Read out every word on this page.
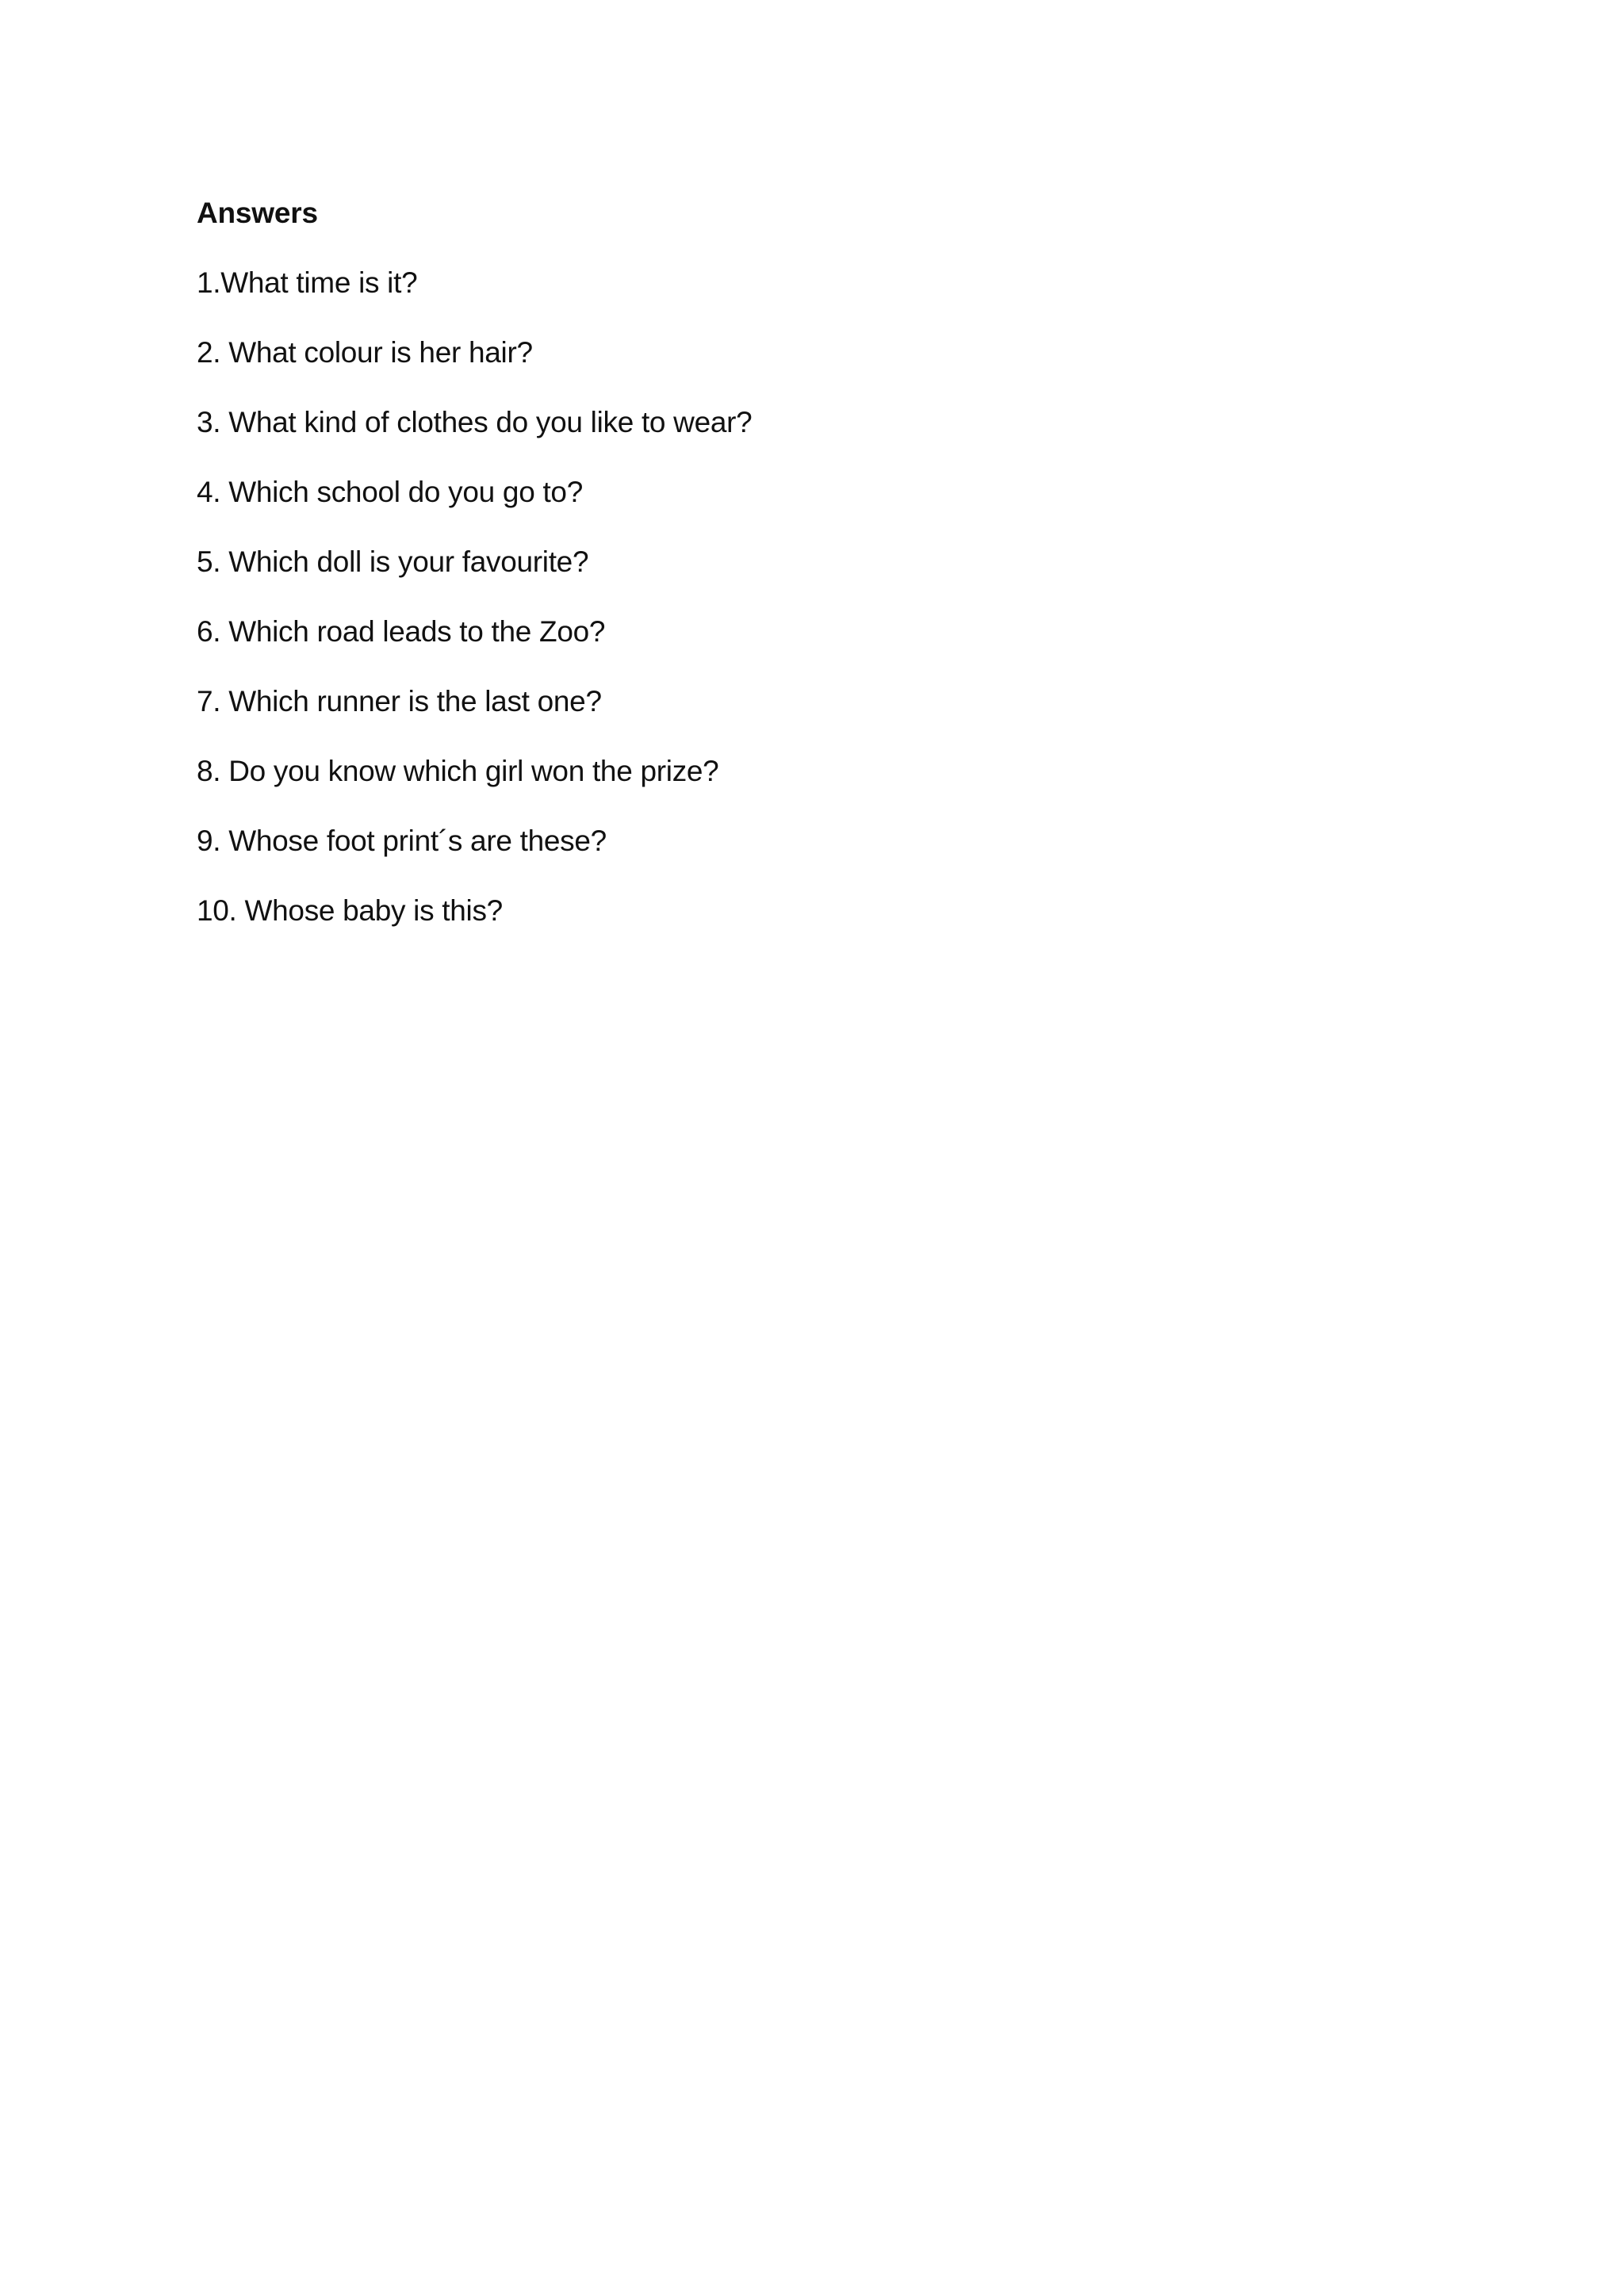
Answers
1.What time is it?
2. What colour is her hair?
3. What kind of clothes do you like to wear?
4. Which school do you go to?
5. Which doll is your favourite?
6. Which road leads to the Zoo?
7. Which runner is the last one?
8. Do you know which girl won the prize?
9. Whose foot print´s are these?
10. Whose baby is this?
